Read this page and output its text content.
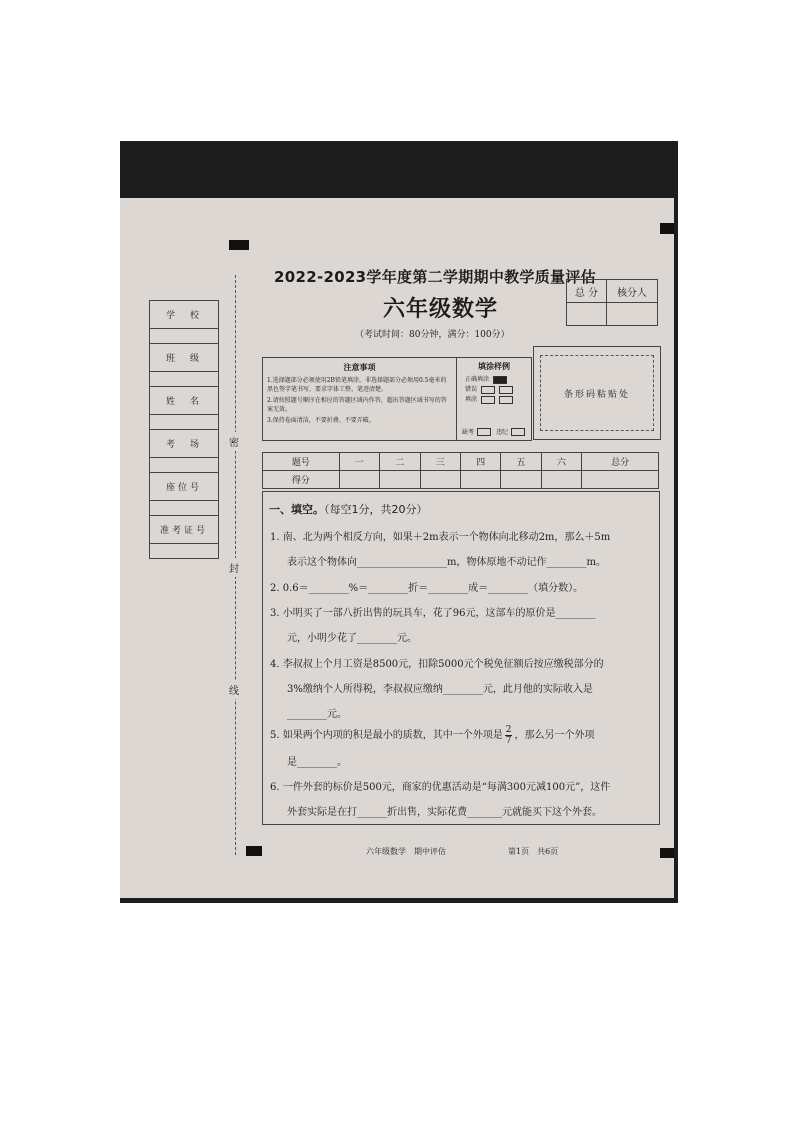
2022-2023学年度第二学期期中教学质量评估
六年级数学
（考试时间：80分钟，满分：100分）
总 分	核分人

学　校

班　级

姓　名

考　场

座位号

准考证号

密
封
线
注意事项
1.选择题部分必须使用2B铅笔填涂，非选择题部分必须用0.5毫米的黑色签字笔书写，要求字体工整、笔迹清楚。
2.请按照题号顺序在相应的答题区域内作答，超出答题区域书写的答案无效。
3.保持卷面清洁，不要折叠、不要弄破。
填涂样例
正确填涂
错误
填涂
缺考	违纪
条形码粘贴处
题号	一	二	三	四	五	六	总分
得分							
一、填空。（每空1分，共20分）
1. 南、北为两个相反方向，如果＋2m表示一个物体向北移动2m，那么＋5m
表示这个物体向__________________m，物体原地不动记作________m。
2. 0.6＝________%＝________折＝________成＝________（填分数）。
3. 小明买了一部八折出售的玩具车，花了96元，这部车的原价是________
元，小明少花了________元。
4. 李叔叔上个月工资是8500元，扣除5000元个税免征额后按应缴税部分的
3%缴纳个人所得税，李叔叔应缴纳________元，此月他的实际收入是
________元。
5. 如果两个内项的积是最小的质数，其中一个外项是 $\frac{2}{7}$ ，那么另一个外项
是________。
6. 一件外套的标价是500元，商家的优惠活动是“每满300元减100元”，这件
外套实际是在打______折出售，实际花费_______元就能买下这个外套。
六年级数学　期中评估	第1页　共6页
